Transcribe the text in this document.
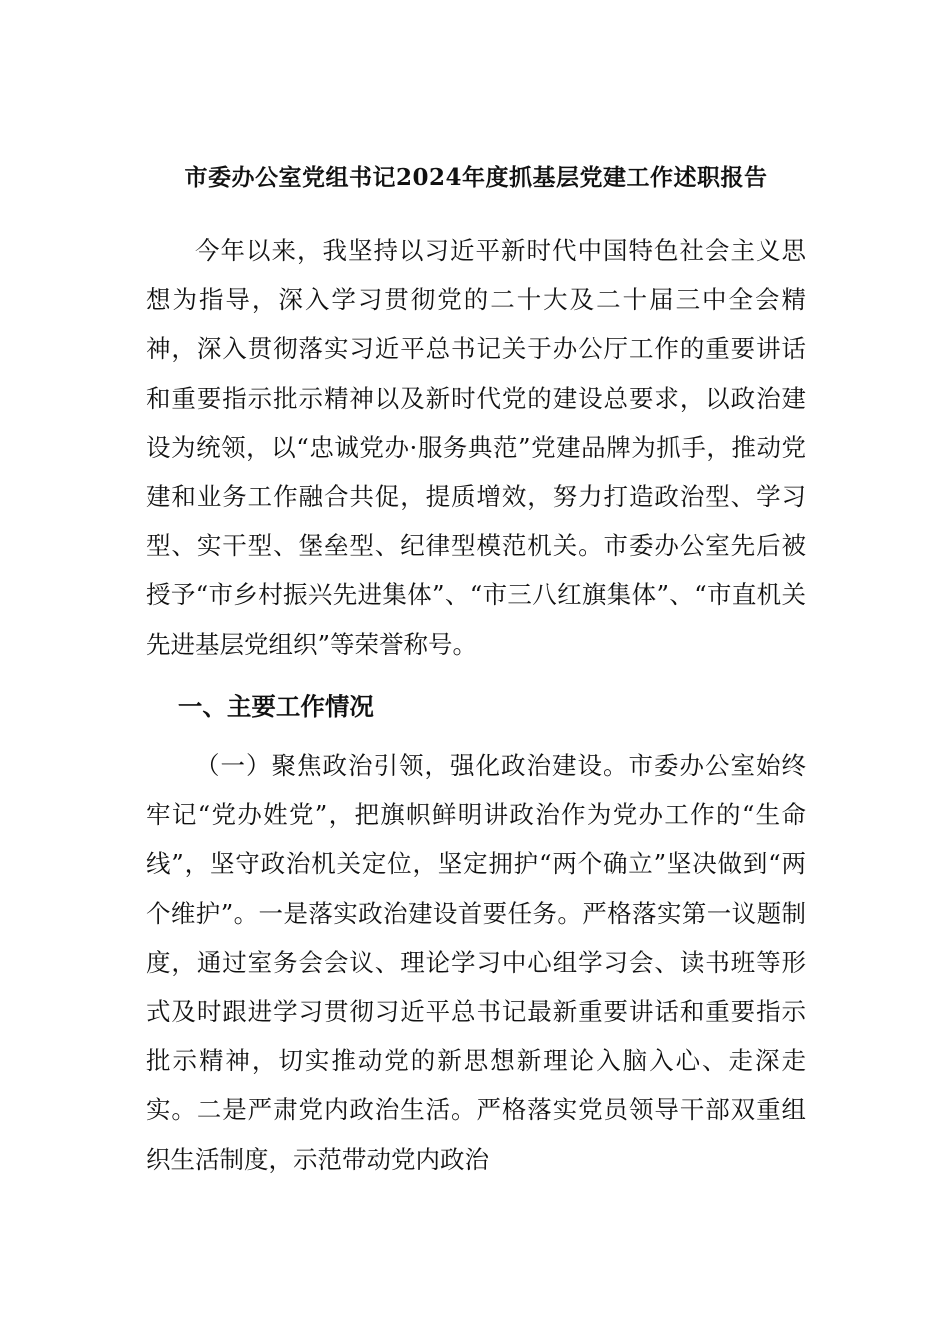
市委办公室党组书记2024年度抓基层党建工作述职报告

今年以来，我坚持以习近平新时代中国特色社会主义思想为指导，深入学习贯彻党的二十大及二十届三中全会精神，深入贯彻落实习近平总书记关于办公厅工作的重要讲话和重要指示批示精神以及新时代党的建设总要求，以政治建设为统领，以“忠诚党办·服务典范”党建品牌为抓手，推动党建和业务工作融合共促，提质增效，努力打造政治型、学习型、实干型、堡垒型、纪律型模范机关。市委办公室先后被授予“市乡村振兴先进集体”、“市三八红旗集体”、“市直机关先进基层党组织”等荣誉称号。

一、主要工作情况

（一）聚焦政治引领，强化政治建设。市委办公室始终牢记“党办姓党”，把旗帜鲜明讲政治作为党办工作的“生命线”，坚守政治机关定位，坚定拥护“两个确立”坚决做到“两个维护”。一是落实政治建设首要任务。严格落实第一议题制度，通过室务会会议、理论学习中心组学习会、读书班等形式及时跟进学习贯彻习近平总书记最新重要讲话和重要指示批示精神，切实推动党的新思想新理论入脑入心、走深走实。二是严肃党内政治生活。严格落实党员领导干部双重组织生活制度，示范带动党内政治
